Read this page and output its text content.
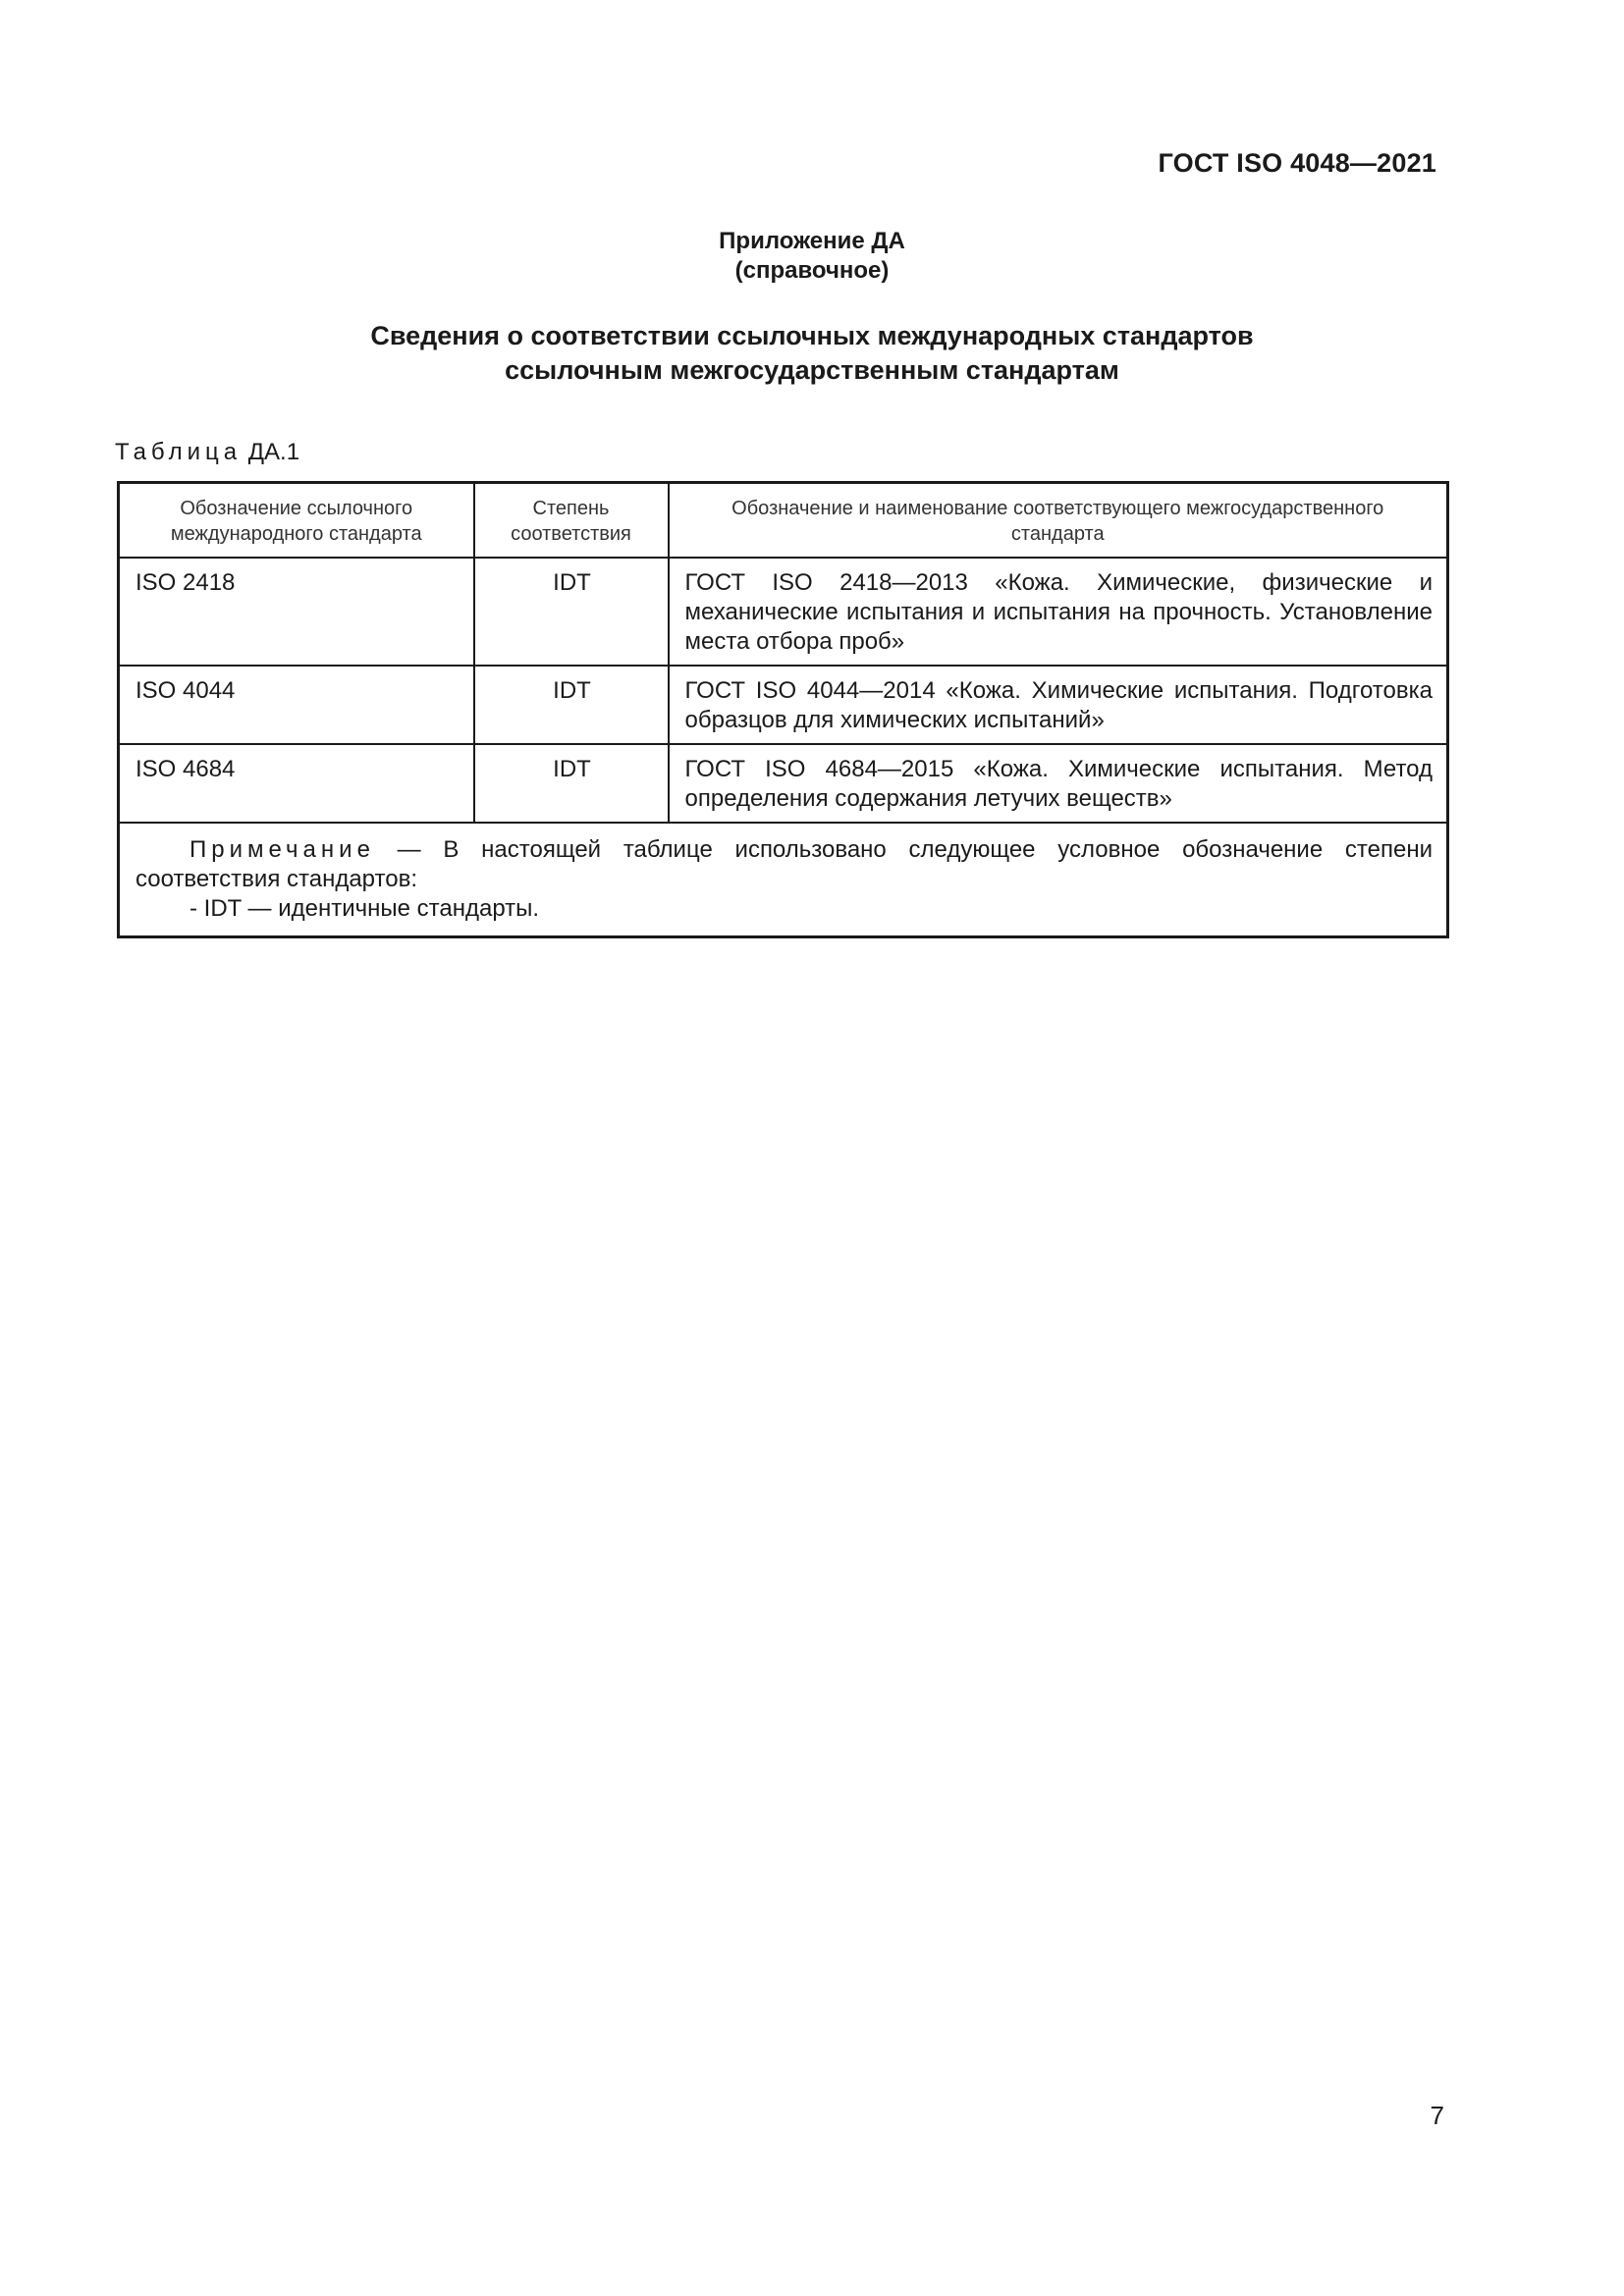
ГОСТ ISO 4048—2021
Приложение ДА
(справочное)
Сведения о соответствии ссылочных международных стандартов
ссылочным межгосударственным стандартам
Таблица ДА.1
Обозначение ссылочного международного стандарта	Степень соответствия	Обозначение и наименование соответствующего межгосударственного стандарта
ISO 2418	IDT	ГОСТ ISO 2418—2013 «Кожа. Химические, физические и механические испытания и испытания на прочность. Установление места отбора проб»
ISO 4044	IDT	ГОСТ ISO 4044—2014 «Кожа. Химические испытания. Подготовка образцов для химических испытаний»
ISO 4684	IDT	ГОСТ ISO 4684—2015 «Кожа. Химические испытания. Метод определения содержания летучих веществ»

Примечание — В настоящей таблице использовано следующее условное обозначение степени соответствия стандартов:
- IDT — идентичные стандарты.		
7
